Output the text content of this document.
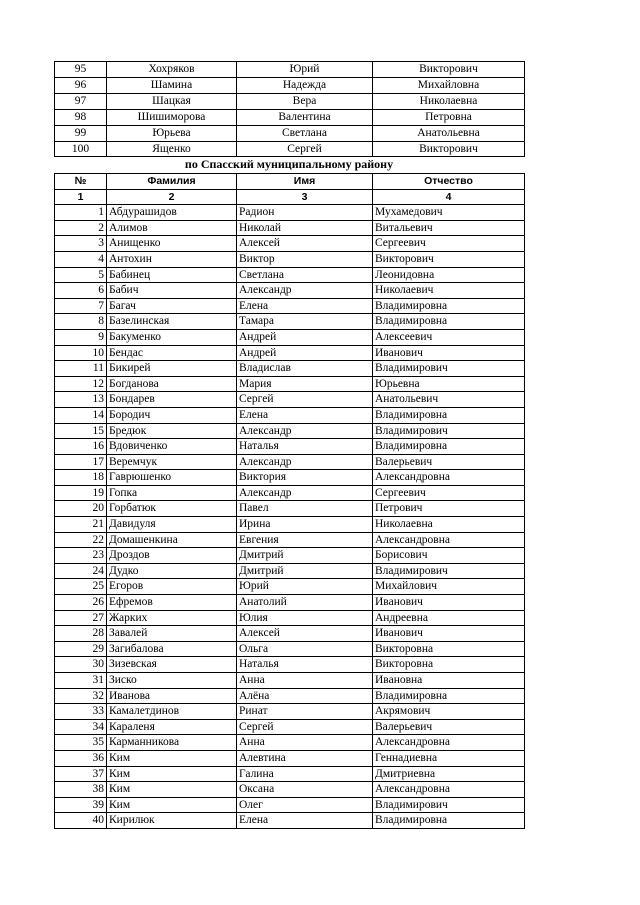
95	Хохряков	Юрий	Викторович
96	Шамина	Надежда	Михайловна
97	Шацкая	Вера	Николаевна
98	Шишиморова	Валентина	Петровна
99	Юрьева	Светлана	Анатольевна
100	Ященко	Сергей	Викторович
по Спасский муниципальному району
№	Фамилия	Имя	Отчество
1	2	3	4
1	Абдурашидов	Радион	Мухамедович
2	Алимов	Николай	Витальевич
3	Анищенко	Алексей	Сергеевич
4	Антохин	Виктор	Викторович
5	Бабинец	Светлана	Леонидовна
6	Бабич	Александр	Николаевич
7	Багач	Елена	Владимировна
8	Базелинская	Тамара	Владимировна
9	Бакуменко	Андрей	Алексеевич
10	Бендас	Андрей	Иванович
11	Бикирей	Владислав	Владимирович
12	Богданова	Мария	Юрьевна
13	Бондарев	Сергей	Анатольевич
14	Бородич	Елена	Владимировна
15	Бредюк	Александр	Владимирович
16	Вдовиченко	Наталья	Владимировна
17	Веремчук	Александр	Валерьевич
18	Гаврюшенко	Виктория	Александровна
19	Гопка	Александр	Сергеевич
20	Горбатюк	Павел	Петрович
21	Давидуля	Ирина	Николаевна
22	Домашенкина	Евгения	Александровна
23	Дроздов	Дмитрий	Борисович
24	Дудко	Дмитрий	Владимирович
25	Егоров	Юрий	Михайлович
26	Ефремов	Анатолий	Иванович
27	Жарких	Юлия	Андреевна
28	Завалей	Алексей	Иванович
29	Загибалова	Ольга	Викторовна
30	Зизевская	Наталья	Викторовна
31	Зиско	Анна	Ивановна
32	Иванова	Алёна	Владимировна
33	Камалетдинов	Ринат	Акрямович
34	Караленя	Сергей	Валерьевич
35	Карманникова	Анна	Александровна
36	Ким	Алевтина	Геннадиевна
37	Ким	Галина	Дмитриевна
38	Ким	Оксана	Александровна
39	Ким	Олег	Владимирович
40	Кирилюк	Елена	Владимировна
